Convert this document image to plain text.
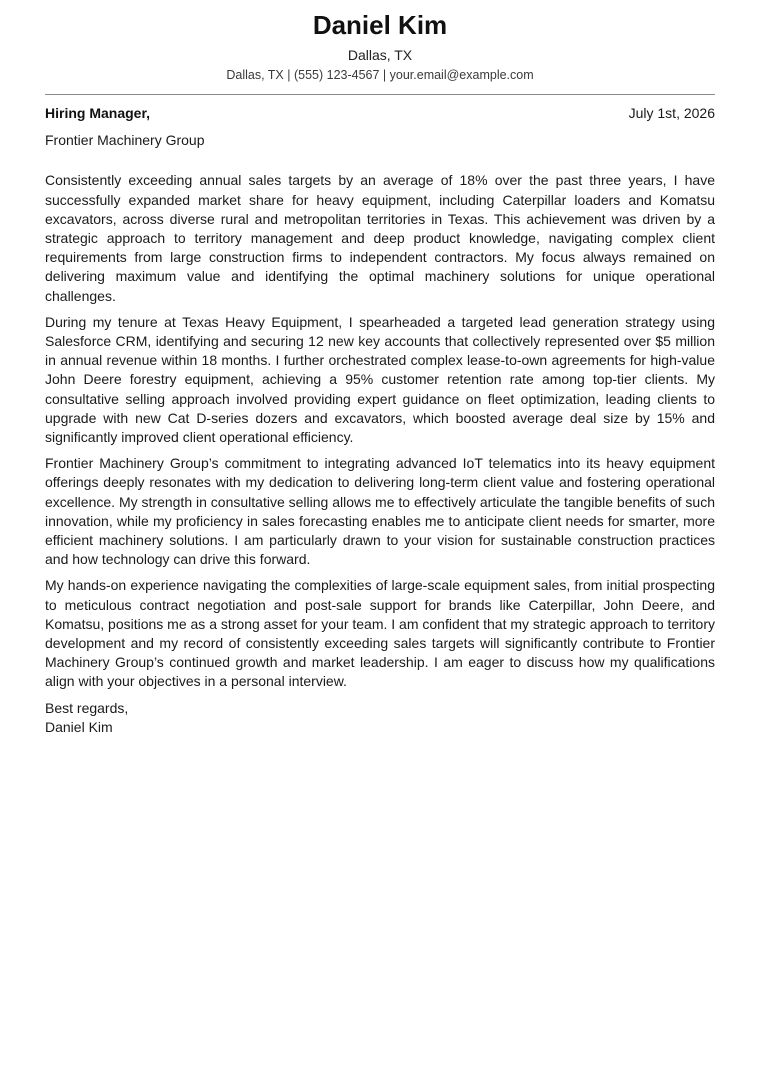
Daniel Kim
Dallas, TX
Dallas, TX | (555) 123-4567 | your.email@example.com
Hiring Manager,	July 1st, 2026
Frontier Machinery Group

Consistently exceeding annual sales targets by an average of 18% over the past three years, I have successfully expanded market share for heavy equipment, including Caterpillar loaders and Komatsu excavators, across diverse rural and metropolitan territories in Texas. This achievement was driven by a strategic approach to territory management and deep product knowledge, navigating complex client requirements from large construction firms to independent contractors. My focus always remained on delivering maximum value and identifying the optimal machinery solutions for unique operational challenges.

During my tenure at Texas Heavy Equipment, I spearheaded a targeted lead generation strategy using Salesforce CRM, identifying and securing 12 new key accounts that collectively represented over $5 million in annual revenue within 18 months. I further orchestrated complex lease-to-own agreements for high-value John Deere forestry equipment, achieving a 95% customer retention rate among top-tier clients. My consultative selling approach involved providing expert guidance on fleet optimization, leading clients to upgrade with new Cat D-series dozers and excavators, which boosted average deal size by 15% and significantly improved client operational efficiency.

Frontier Machinery Group’s commitment to integrating advanced IoT telematics into its heavy equipment offerings deeply resonates with my dedication to delivering long-term client value and fostering operational excellence. My strength in consultative selling allows me to effectively articulate the tangible benefits of such innovation, while my proficiency in sales forecasting enables me to anticipate client needs for smarter, more efficient machinery solutions. I am particularly drawn to your vision for sustainable construction practices and how technology can drive this forward.

My hands-on experience navigating the complexities of large-scale equipment sales, from initial prospecting to meticulous contract negotiation and post-sale support for brands like Caterpillar, John Deere, and Komatsu, positions me as a strong asset for your team. I am confident that my strategic approach to territory development and my record of consistently exceeding sales targets will significantly contribute to Frontier Machinery Group’s continued growth and market leadership. I am eager to discuss how my qualifications align with your objectives in a personal interview.

Best regards,
Daniel Kim
